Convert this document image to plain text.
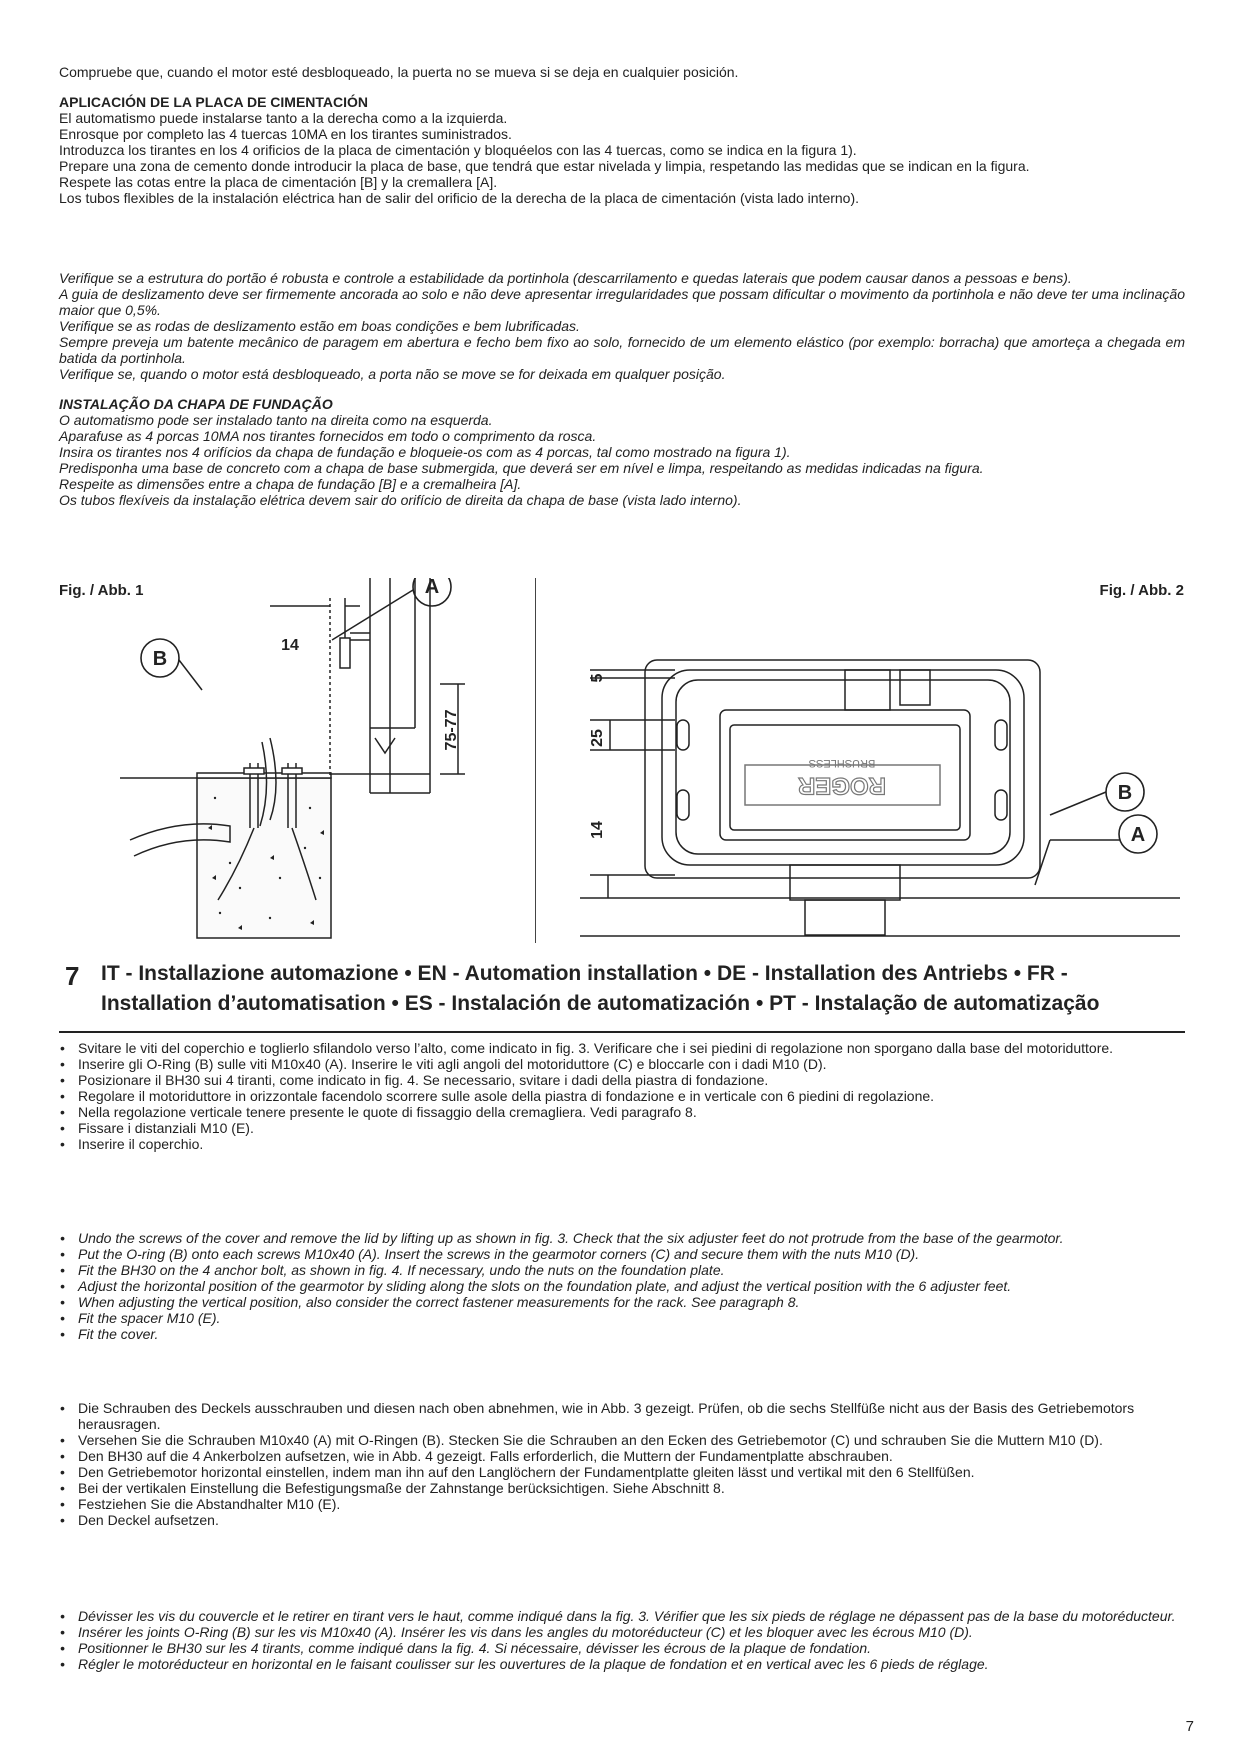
Compruebe que, cuando el motor esté desbloqueado, la puerta no se mueva si se deja en cualquier posición.

APLICACIÓN DE LA PLACA DE CIMENTACIÓN

El automatismo puede instalarse tanto a la derecha como a la izquierda.

Enrosque por completo las 4 tuercas 10MA en los tirantes suministrados.

Introduzca los tirantes en los 4 orificios de la placa de cimentación y bloquéelos con las 4 tuercas, como se indica en la figura 1).

Prepare una zona de cemento donde introducir la placa de base, que tendrá que estar nivelada y limpia, respetando las medidas que se indican en la figura.

Respete las cotas entre la placa de cimentación [B] y la cremallera [A].

Los tubos flexibles de la instalación eléctrica han de salir del orificio de la derecha de la placa de cimentación (vista lado interno).

Verifique se a estrutura do portão é robusta e controle a estabilidade da portinhola (descarrilamento e quedas laterais que podem causar danos a pessoas e bens).

A guia de deslizamento deve ser firmemente ancorada ao solo e não deve apresentar irregularidades que possam dificultar o movimento da portinhola e não deve ter uma inclinação maior que 0,5%.

Verifique se as rodas de deslizamento estão em boas condições e bem lubrificadas.

Sempre preveja um batente mecânico de paragem em abertura e fecho bem fixo ao solo, fornecido de um elemento elástico (por exemplo: borracha) que amorteça a chegada em batida da portinhola.

Verifique se, quando o motor está desbloqueado, a porta não se move se for deixada em qualquer posição.

INSTALAÇÃO DA CHAPA DE FUNDAÇÃO

O automatismo pode ser instalado tanto na direita como na esquerda.

Aparafuse as 4 porcas 10MA nos tirantes fornecidos em todo o comprimento da rosca.

Insira os tirantes nos 4 orifícios da chapa de fundação e bloqueie-os com as 4 porcas, tal como mostrado na figura 1).

Predisponha uma base de concreto com a chapa de base submergida, que deverá ser em nível e limpa, respeitando as medidas indicadas na figura.

Respeite as dimensões entre a chapa de fundação [B] e a cremalheira [A].

Os tubos flexíveis da instalação elétrica devem sair do orifício de direita da chapa de base (vista lado interno).

Fig. / Abb. 1	Fig. / Abb. 2
14
75-77
A
B
ROGER
BRUSHLESS
5
25
14
B
A
7 IT - Installazione automazione • EN - Automation installation • DE - Installation des Antriebs • FR - Installation d’automatisation • ES - Instalación de automatización • PT - Instalação de automatização
• Svitare le viti del coperchio e toglierlo sfilandolo verso l’alto, come indicato in fig. 3. Verificare che i sei piedini di regolazione non sporgano dalla base del motoriduttore.
• Inserire gli O-Ring (B) sulle viti M10x40 (A). Inserire le viti agli angoli del motoriduttore (C) e bloccarle con i dadi M10 (D).
• Posizionare il BH30 sui 4 tiranti, come indicato in fig. 4. Se necessario, svitare i dadi della piastra di fondazione.
• Regolare il motoriduttore in orizzontale facendolo scorrere sulle asole della piastra di fondazione e in verticale con 6 piedini di regolazione.
• Nella regolazione verticale tenere presente le quote di fissaggio della cremagliera. Vedi paragrafo 8.
• Fissare i distanziali M10 (E).
• Inserire il coperchio.
• Undo the screws of the cover and remove the lid by lifting up as shown in fig. 3. Check that the six adjuster feet do not protrude from the base of the gearmotor.
• Put the O-ring (B) onto each screws M10x40 (A). Insert the screws in the gearmotor corners (C) and secure them with the nuts M10 (D).
• Fit the BH30 on the 4 anchor bolt, as shown in fig. 4. If necessary, undo the nuts on the foundation plate.
• Adjust the horizontal position of the gearmotor by sliding along the slots on the foundation plate, and adjust the vertical position with the 6 adjuster feet.
• When adjusting the vertical position, also consider the correct fastener measurements for the rack. See paragraph 8.
• Fit the spacer M10 (E).
• Fit the cover.
• Die Schrauben des Deckels ausschrauben und diesen nach oben abnehmen, wie in Abb. 3 gezeigt. Prüfen, ob die sechs Stellfüße nicht aus der Basis des Getriebemotors herausragen.
• Versehen Sie die Schrauben M10x40 (A) mit O-Ringen (B). Stecken Sie die Schrauben an den Ecken des Getriebemotor (C) und schrauben Sie die Muttern M10 (D).
• Den BH30 auf die 4 Ankerbolzen aufsetzen, wie in Abb. 4 gezeigt. Falls erforderlich, die Muttern der Fundamentplatte abschrauben.
• Den Getriebemotor horizontal einstellen, indem man ihn auf den Langlöchern der Fundamentplatte gleiten lässt und vertikal mit den 6 Stellfüßen.
• Bei der vertikalen Einstellung die Befestigungsmaße der Zahnstange berücksichtigen. Siehe Abschnitt 8.
• Festziehen Sie die Abstandhalter M10 (E).
• Den Deckel aufsetzen.
• Dévisser les vis du couvercle et le retirer en tirant vers le haut, comme indiqué dans la fig. 3. Vérifier que les six pieds de réglage ne dépassent pas de la base du motoréducteur.
• Insérer les joints O-Ring (B) sur les vis M10x40 (A). Insérer les vis dans les angles du motoréducteur (C) et les bloquer avec les écrous M10 (D).
• Positionner le BH30 sur les 4 tirants, comme indiqué dans la fig. 4. Si nécessaire, dévisser les écrous de la plaque de fondation.
• Régler le motoréducteur en horizontal en le faisant coulisser sur les ouvertures de la plaque de fondation et en vertical avec les 6 pieds de réglage.
7
